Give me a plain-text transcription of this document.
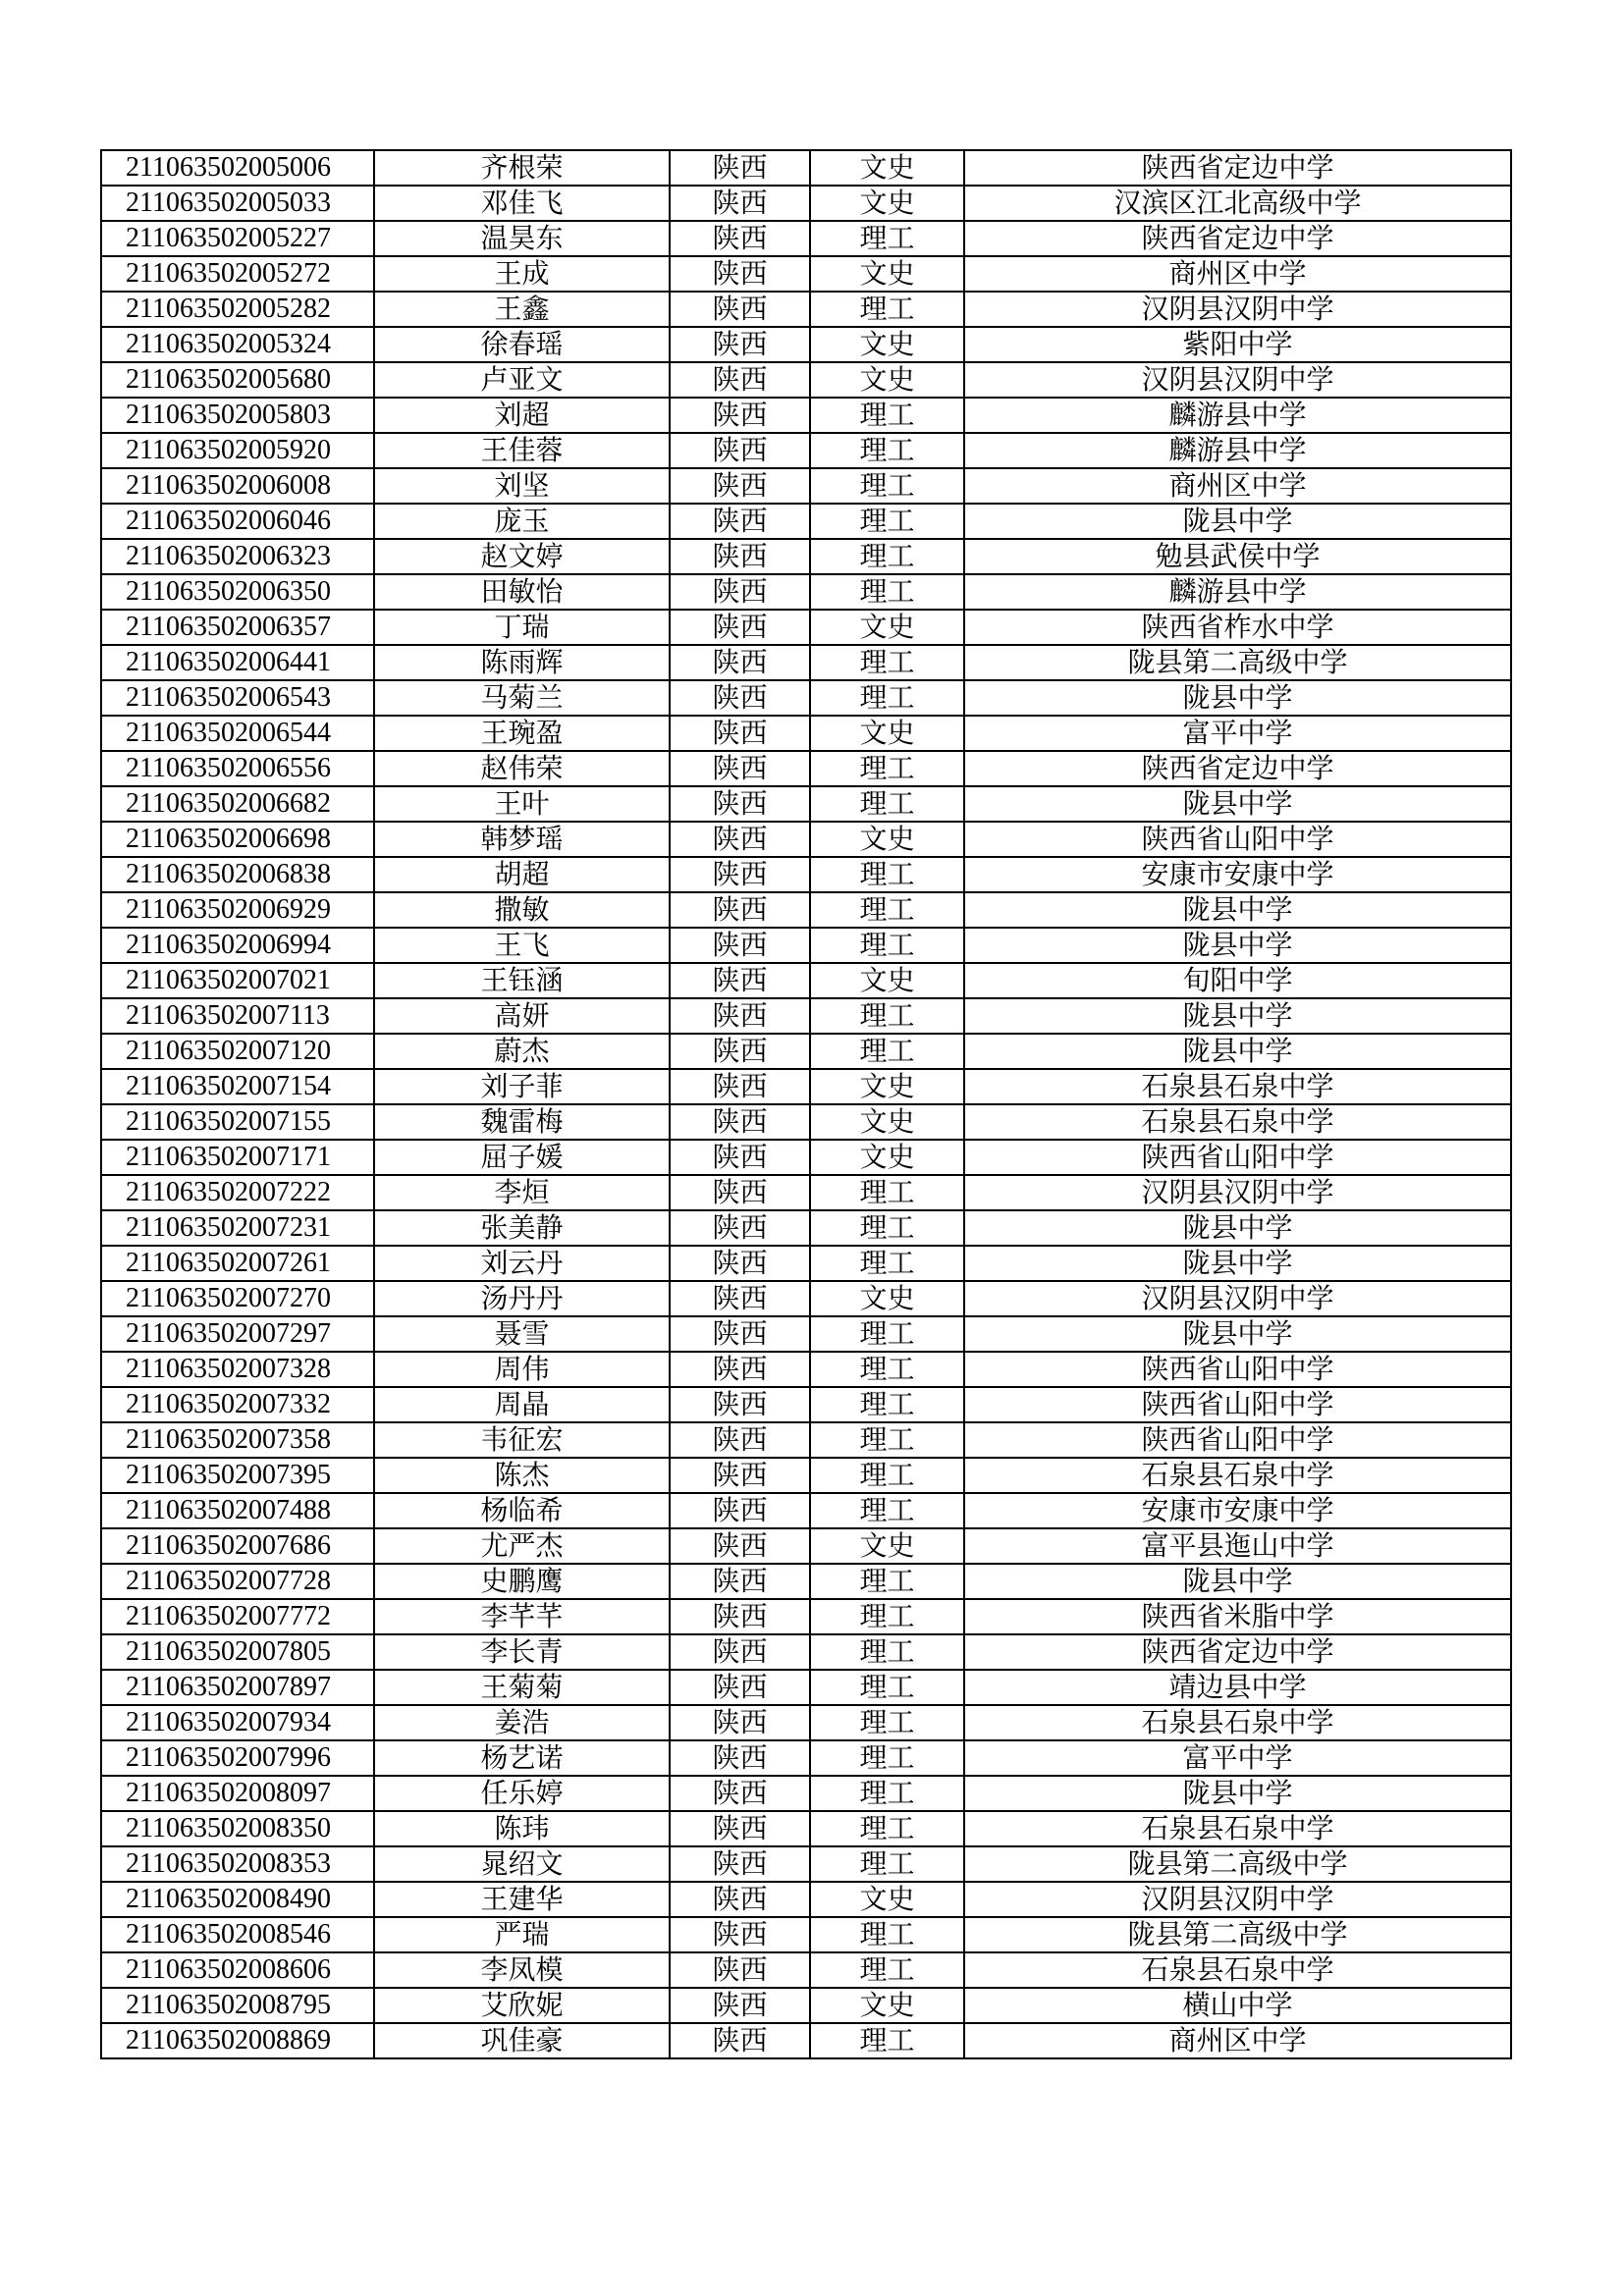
211063502005006	齐根荣	陕西	文史	陕西省定边中学
211063502005033	邓佳飞	陕西	文史	汉滨区江北高级中学
211063502005227	温昊东	陕西	理工	陕西省定边中学
211063502005272	王成	陕西	文史	商州区中学
211063502005282	王鑫	陕西	理工	汉阴县汉阴中学
211063502005324	徐春瑶	陕西	文史	紫阳中学
211063502005680	卢亚文	陕西	文史	汉阴县汉阴中学
211063502005803	刘超	陕西	理工	麟游县中学
211063502005920	王佳蓉	陕西	理工	麟游县中学
211063502006008	刘坚	陕西	理工	商州区中学
211063502006046	庞玉	陕西	理工	陇县中学
211063502006323	赵文婷	陕西	理工	勉县武侯中学
211063502006350	田敏怡	陕西	理工	麟游县中学
211063502006357	丁瑞	陕西	文史	陕西省柞水中学
211063502006441	陈雨辉	陕西	理工	陇县第二高级中学
211063502006543	马菊兰	陕西	理工	陇县中学
211063502006544	王琬盈	陕西	文史	富平中学
211063502006556	赵伟荣	陕西	理工	陕西省定边中学
211063502006682	王叶	陕西	理工	陇县中学
211063502006698	韩梦瑶	陕西	文史	陕西省山阳中学
211063502006838	胡超	陕西	理工	安康市安康中学
211063502006929	撒敏	陕西	理工	陇县中学
211063502006994	王飞	陕西	理工	陇县中学
211063502007021	王钰涵	陕西	文史	旬阳中学
211063502007113	高妍	陕西	理工	陇县中学
211063502007120	蔚杰	陕西	理工	陇县中学
211063502007154	刘子菲	陕西	文史	石泉县石泉中学
211063502007155	魏雷梅	陕西	文史	石泉县石泉中学
211063502007171	屈子媛	陕西	文史	陕西省山阳中学
211063502007222	李烜	陕西	理工	汉阴县汉阴中学
211063502007231	张美静	陕西	理工	陇县中学
211063502007261	刘云丹	陕西	理工	陇县中学
211063502007270	汤丹丹	陕西	文史	汉阴县汉阴中学
211063502007297	聂雪	陕西	理工	陇县中学
211063502007328	周伟	陕西	理工	陕西省山阳中学
211063502007332	周晶	陕西	理工	陕西省山阳中学
211063502007358	韦征宏	陕西	理工	陕西省山阳中学
211063502007395	陈杰	陕西	理工	石泉县石泉中学
211063502007488	杨临希	陕西	理工	安康市安康中学
211063502007686	尤严杰	陕西	文史	富平县迤山中学
211063502007728	史鹏鹰	陕西	理工	陇县中学
211063502007772	李芊芊	陕西	理工	陕西省米脂中学
211063502007805	李长青	陕西	理工	陕西省定边中学
211063502007897	王菊菊	陕西	理工	靖边县中学
211063502007934	姜浩	陕西	理工	石泉县石泉中学
211063502007996	杨艺诺	陕西	理工	富平中学
211063502008097	任乐婷	陕西	理工	陇县中学
211063502008350	陈玮	陕西	理工	石泉县石泉中学
211063502008353	晁绍文	陕西	理工	陇县第二高级中学
211063502008490	王建华	陕西	文史	汉阴县汉阴中学
211063502008546	严瑞	陕西	理工	陇县第二高级中学
211063502008606	李凤模	陕西	理工	石泉县石泉中学
211063502008795	艾欣妮	陕西	文史	横山中学
211063502008869	巩佳豪	陕西	理工	商州区中学
